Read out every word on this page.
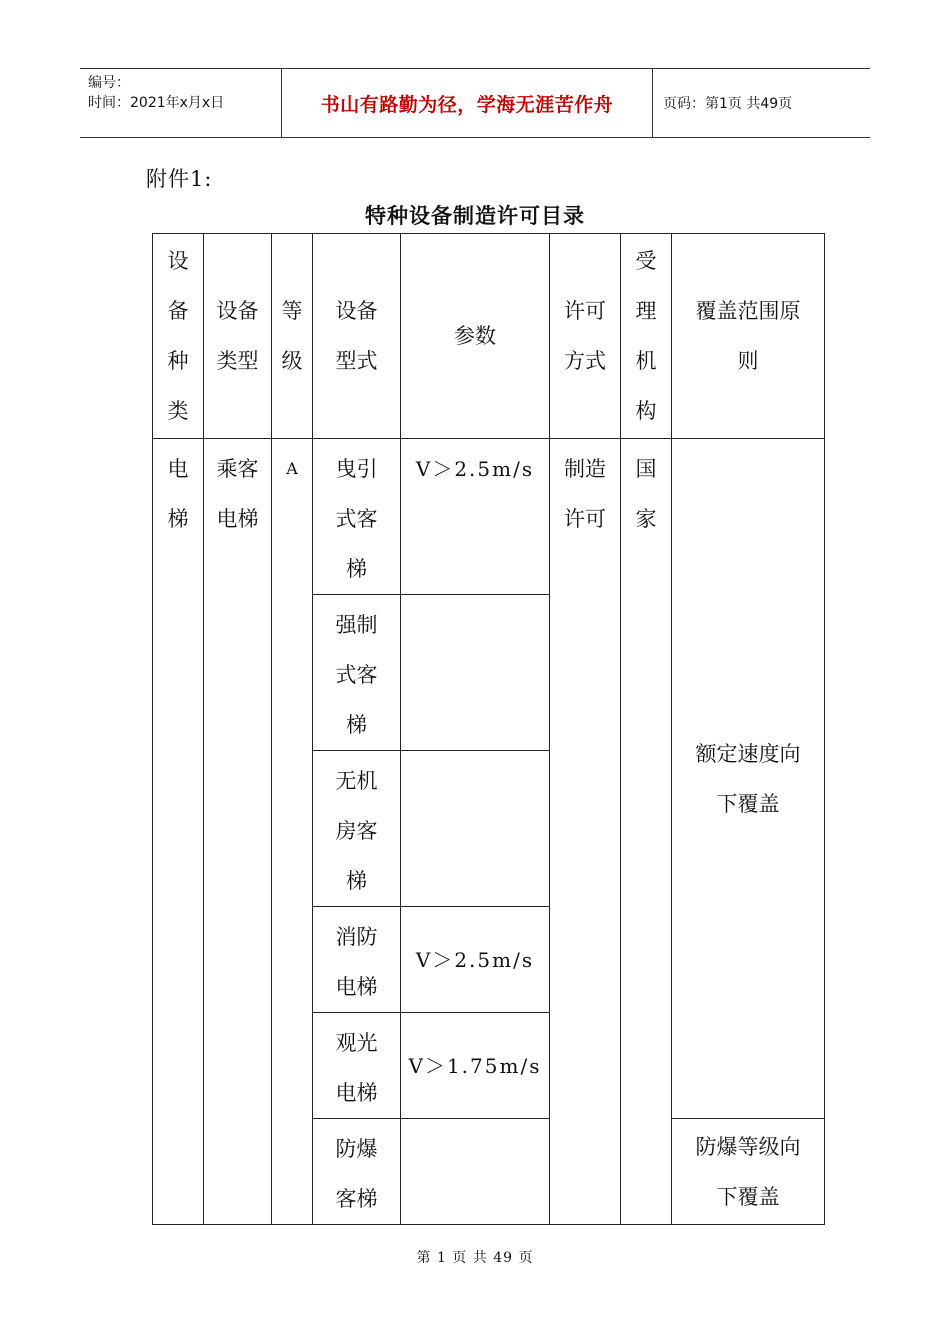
编号：
时间：2021年x月x日	书山有路勤为径，学海无涯苦作舟	页码：第1页 共49页
附件1:
特种设备制造许可目录
设备种类	设备类型	等级	设备型式	参数	许可方式	受理机构	覆盖范围原则
电梯	乘客电梯	A	曳引式客梯	V＞2.5m/s	制造许可	国家	额定速度向下覆盖
			强制式客梯				
			无机房客梯				
			消防电梯	V＞2.5m/s			
			观光电梯	V＞1.75m/s			
			防爆客梯				防爆等级向下覆盖
第 1 页 共 49 页
